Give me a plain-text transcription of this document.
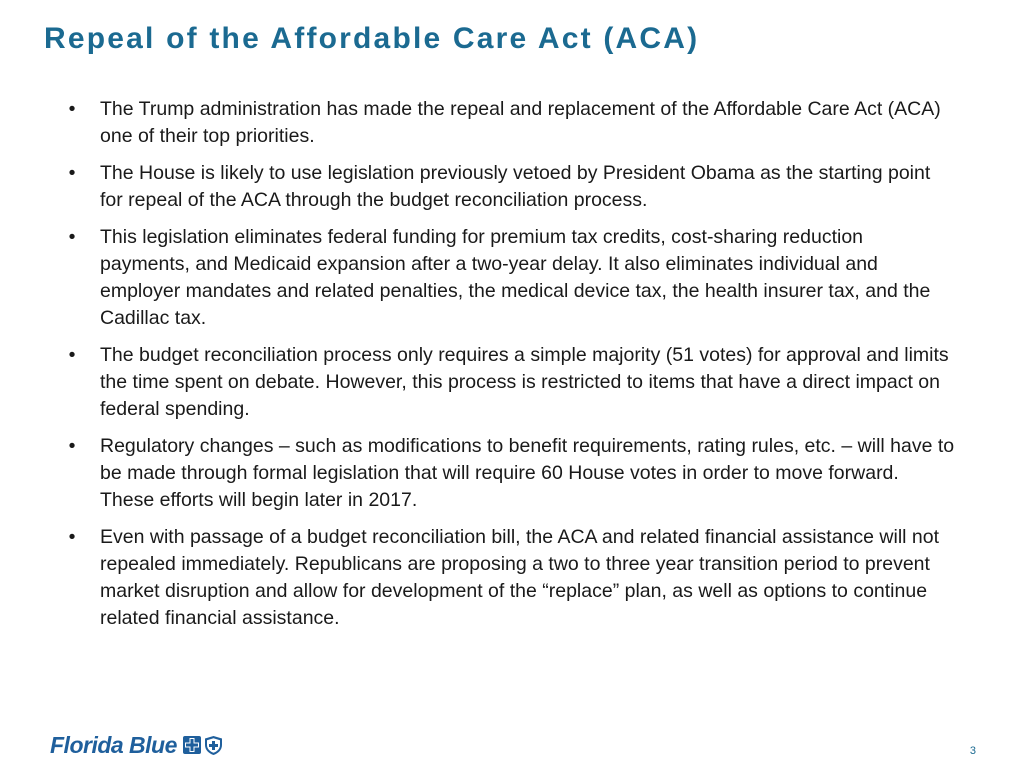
Repeal of the Affordable Care Act (ACA)
• The Trump administration has made the repeal and replacement of the Affordable Care Act (ACA) one of their top priorities.
• The House is likely to use legislation previously vetoed by President Obama as the starting point for repeal of the ACA through the budget reconciliation process.
• This legislation eliminates federal funding for premium tax credits, cost-sharing reduction payments, and Medicaid expansion after a two-year delay. It also eliminates individual and employer mandates and related penalties, the medical device tax, the health insurer tax, and the Cadillac tax.
• The budget reconciliation process only requires a simple majority (51 votes) for approval and limits the time spent on debate. However, this process is restricted to items that have a direct impact on federal spending.
• Regulatory changes – such as modifications to benefit requirements, rating rules, etc. – will have to be made through formal legislation that will require 60 House votes in order to move forward. These efforts will begin later in 2017.
• Even with passage of a budget reconciliation bill, the ACA and related financial assistance will not repealed immediately. Republicans are proposing a two to three year transition period to prevent market disruption and allow for development of the “replace” plan, as well as options to continue related financial assistance.
Florida Blue	3
